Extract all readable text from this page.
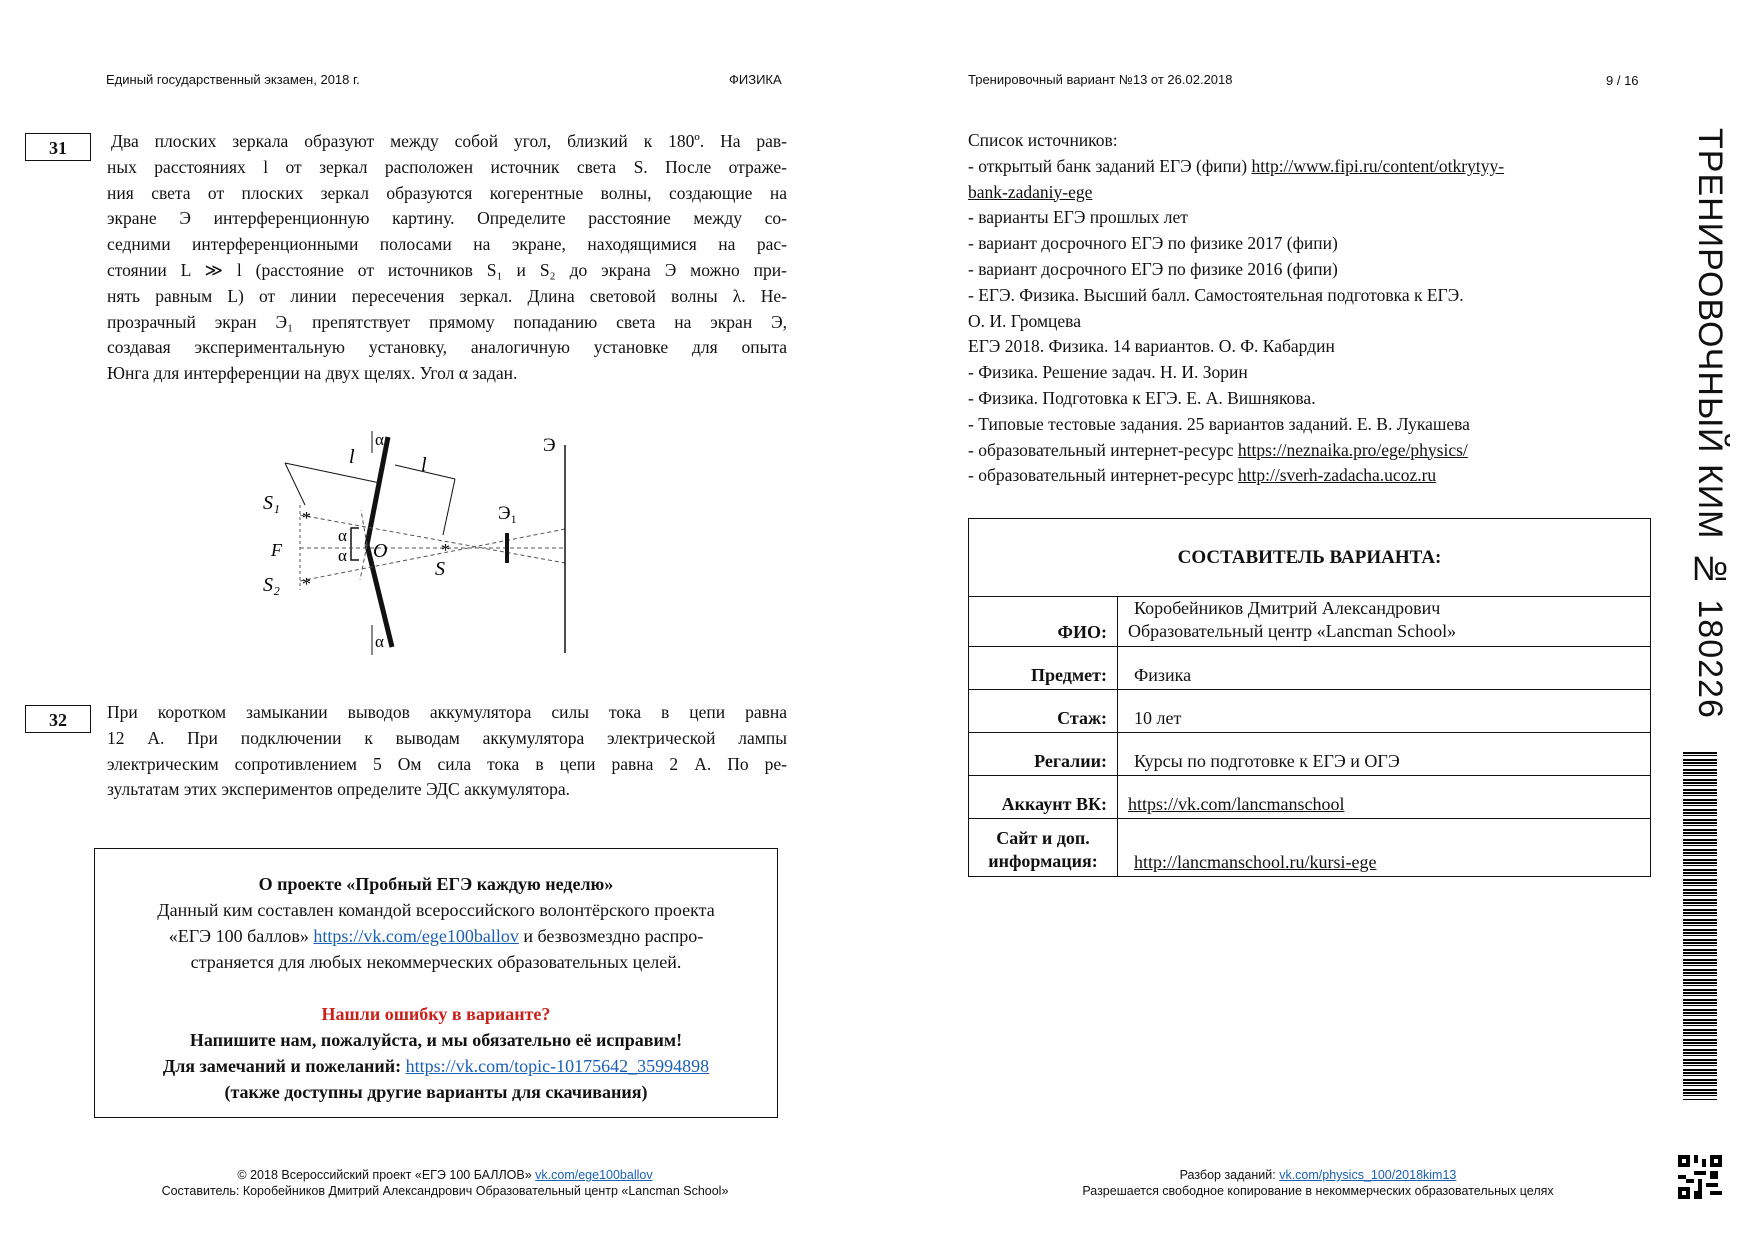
Единый государственный экзамен, 2018 г.	ФИЗИКА	Тренировочный вариант №13 от 26.02.2018	9 / 16
31	Два плоских зеркала образуют между собой угол, близкий к 180º. На рав-
ных расстояниях l от зеркал расположен источник света S. После отраже-
ния света от плоских зеркал образуются когерентные волны, создающие на
экране Э интерференционную картину. Определите расстояние между со-
седними интерференционными полосами на экране, находящимися на рас-
стоянии L ≫ l (расстояние от источников S₁ и S₂ до экрана Э можно при-
нять равным L) от линии пересечения зеркал. Длина световой волны λ. Не-
прозрачный экран Э₁ препятствует прямому попаданию света на экран Э,
создавая экспериментальную установку, аналогичную установке для опыта
Юнга для интерференции на двух щелях. Угол α задан.
*
*
*
S₁
F
S₂
O
S
l	l
α
α
α
α
Э
Э₁
32	При коротком замыкании выводов аккумулятора силы тока в цепи равна
12 А. При подключении к выводам аккумулятора электрической лампы
электрическим сопротивлением 5 Ом сила тока в цепи равна 2 А. По ре-
зультатам этих экспериментов определите ЭДС аккумулятора.
О проекте «Пробный ЕГЭ каждую неделю»
Данный ким составлен командой всероссийского волонтёрского проекта
«ЕГЭ 100 баллов» https://vk.com/ege100ballov и безвозмездно распро-
страняется для любых некоммерческих образовательных целей.
Нашли ошибку в варианте?
Напишите нам, пожалуйста, и мы обязательно её исправим!
Для замечаний и пожеланий: https://vk.com/topic-10175642_35994898
(также доступны другие варианты для скачивания)
Список источников:
- открытый банк заданий ЕГЭ (фипи) http://www.fipi.ru/content/otkrytyy-
bank-zadaniy-ege
- варианты ЕГЭ прошлых лет
- вариант досрочного ЕГЭ по физике 2017 (фипи)
- вариант досрочного ЕГЭ по физике 2016 (фипи)
- ЕГЭ. Физика. Высший балл. Самостоятельная подготовка к ЕГЭ.
О. И. Громцева
ЕГЭ 2018. Физика. 14 вариантов. О. Ф. Кабардин
- Физика. Решение задач. Н. И. Зорин
- Физика. Подготовка к ЕГЭ. Е. А. Вишнякова.
- Типовые тестовые задания. 25 вариантов заданий. Е. В. Лукашева
- образовательный интернет-ресурс https://neznaika.pro/ege/physics/
- образовательный интернет-ресурс http://sverh-zadacha.ucoz.ru
СОСТАВИТЕЛЬ ВАРИАНТА:	
ФИО:	Коробейников Дмитрий Александрович
Образовательный центр «Lancman School»

Предмет:	Физика
Стаж:	10 лет
Регалии:	Курсы по подготовке к ЕГЭ и ОГЭ
Аккаунт ВК:	https://vk.com/lancmanschool

Сайт и доп.
информация:	http://lancmanschool.ru/kursi-ege
© 2018 Всероссийский проект «ЕГЭ 100 БАЛЛОВ» vk.com/ege100ballov
Составитель: Коробейников Дмитрий Александрович Образовательный центр «Lancman School»
Разбор заданий: vk.com/physics_100/2018kim13
Разрешается свободное копирование в некоммерческих образовательных целях
ТРЕНИРОВОЧНЫЙ КИМ № 180226
